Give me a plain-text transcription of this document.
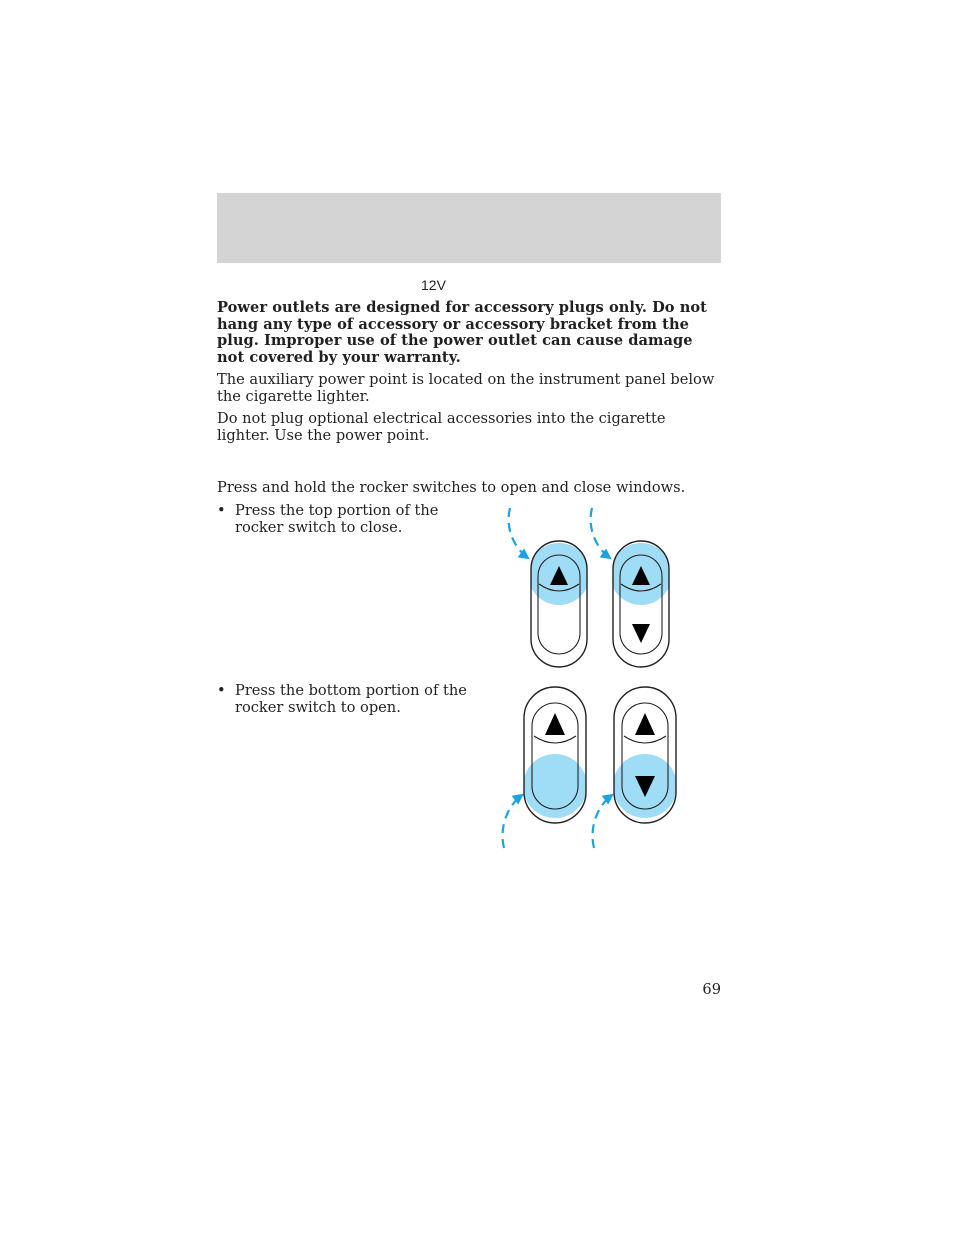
12V

Power outlets are designed for accessory plugs only. Do not hang any type of accessory or accessory bracket from the plug. Improper use of the power outlet can cause damage not covered by your warranty.

The auxiliary power point is located on the instrument panel below the cigarette lighter.

Do not plug optional electrical accessories into the cigarette lighter. Use the power point.

Press and hold the rocker switches to open and close windows.

• Press the top portion of the rocker switch to close.
• Press the bottom portion of the rocker switch to open.
69
